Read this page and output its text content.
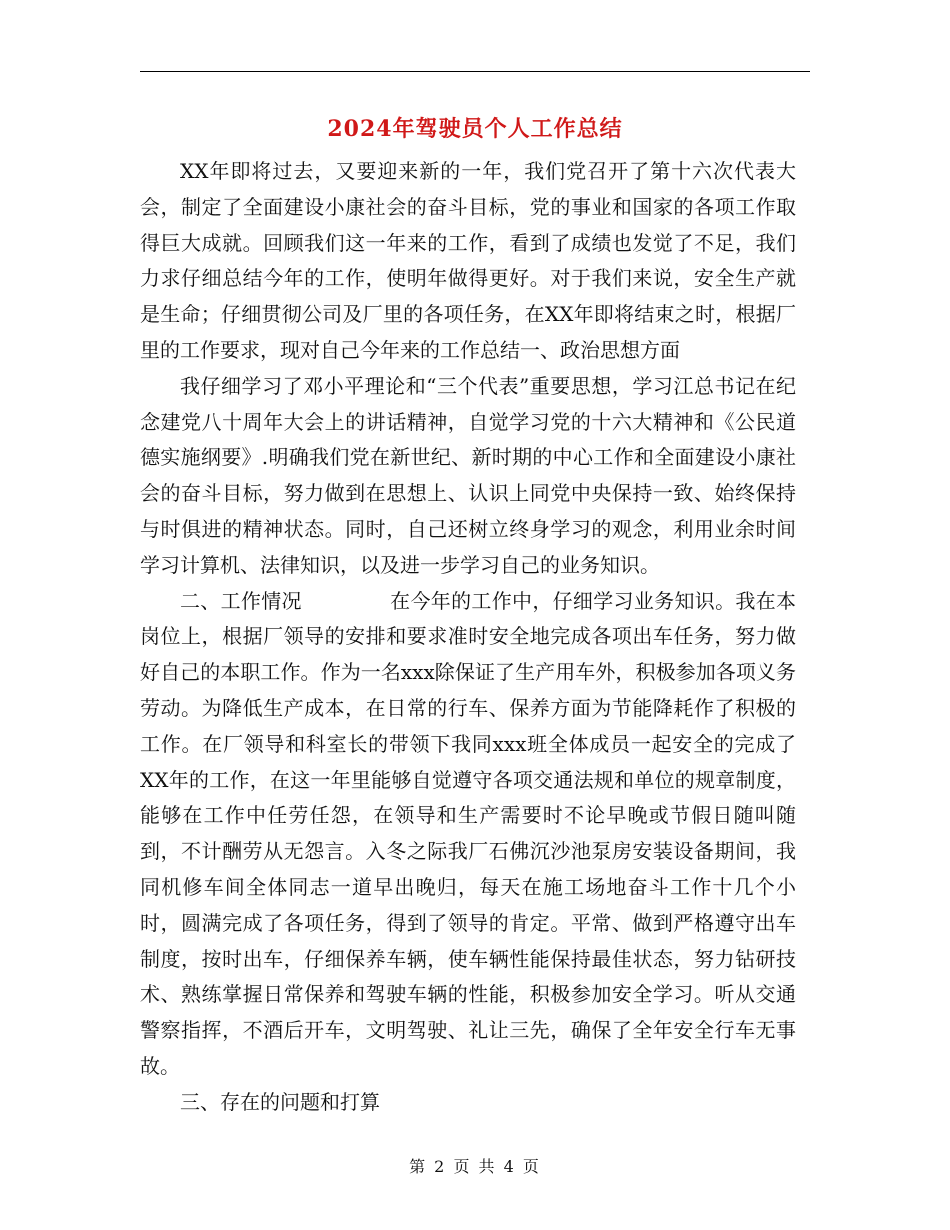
2024年驾驶员个人工作总结

XX年即将过去，又要迎来新的一年，我们党召开了第十六次代表大会，制定了全面建设小康社会的奋斗目标，党的事业和国家的各项工作取得巨大成就。回顾我们这一年来的工作，看到了成绩也发觉了不足，我们力求仔细总结今年的工作，使明年做得更好。对于我们来说，安全生产就是生命；仔细贯彻公司及厂里的各项任务，在XX年即将结束之时，根据厂里的工作要求，现对自己今年来的工作总结一、政治思想方面

我仔细学习了邓小平理论和“三个代表”重要思想，学习江总书记在纪念建党八十周年大会上的讲话精神，自觉学习党的十六大精神和《公民道德实施纲要》.明确我们党在新世纪、新时期的中心工作和全面建设小康社会的奋斗目标，努力做到在思想上、认识上同党中央保持一致、始终保持与时俱进的精神状态。同时，自己还树立终身学习的观念，利用业余时间学习计算机、法律知识，以及进一步学习自己的业务知识。

二、工作情况	在今年的工作中，仔细学习业务知识。我在本岗位上，根据厂领导的安排和要求准时安全地完成各项出车任务，努力做好自己的本职工作。作为一名xxx除保证了生产用车外，积极参加各项义务劳动。为降低生产成本，在日常的行车、保养方面为节能降耗作了积极的工作。在厂领导和科室长的带领下我同xxx班全体成员一起安全的完成了XX年的工作，在这一年里能够自觉遵守各项交通法规和单位的规章制度，能够在工作中任劳任怨，在领导和生产需要时不论早晚或节假日随叫随到，不计酬劳从无怨言。入冬之际我厂石佛沉沙池泵房安装设备期间，我同机修车间全体同志一道早出晚归，每天在施工场地奋斗工作十几个小时，圆满完成了各项任务，得到了领导的肯定。平常、做到严格遵守出车制度，按时出车，仔细保养车辆，使车辆性能保持最佳状态，努力钻研技术、熟练掌握日常保养和驾驶车辆的性能，积极参加安全学习。听从交通警察指挥，不酒后开车，文明驾驶、礼让三先，确保了全年安全行车无事故。

三、存在的问题和打算

第 2 页 共 4 页
